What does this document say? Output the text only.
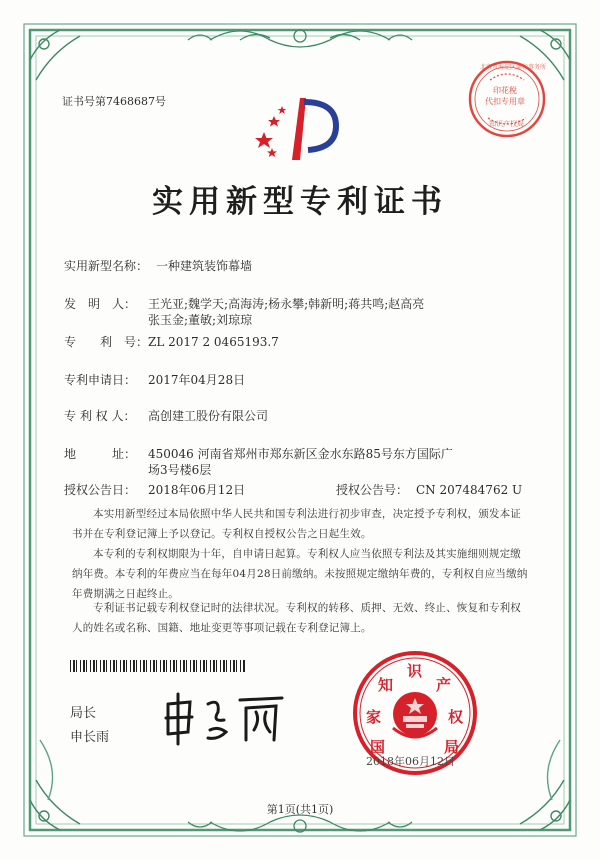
证书号第7468687号
实用新型专利证书
实用新型名称： 一种建筑装饰幕墙
发　明　人： 王光亚;魏学天;高海涛;杨永攀;韩新明;蒋共鸣;赵高亮
张玉金;董敏;刘琼琼
专　　利　号： ZL 2017 2 0465193.7
专利申请日： 2017年04月28日
专 利 权 人： 高创建工股份有限公司
地　　　址： 450046 河南省郑州市郑东新区金水东路85号东方国际广
场3号楼6层
授权公告日： 2018年06月12日	授权公告号： CN 207484762 U
本实用新型经过本局依照中华人民共和国专利法进行初步审查，决定授予专利权，颁发本证书并在专利登记簿上予以登记。专利权自授权公告之日起生效。
本专利的专利权期限为十年，自申请日起算。专利权人应当依照专利法及其实施细则规定缴纳年费。本专利的年费应当在每年04月28日前缴纳。未按照规定缴纳年费的，专利权自应当缴纳年费期满之日起终止。
专利证书记载专利权登记时的法律状况。专利权的转移、质押、无效、终止、恢复和专利权人的姓名或名称、国籍、地址变更等事项记载在专利登记簿上。
局长
申长雨
国 家 知 识 产 权 局
2018年06月12日
印花税
代扣专用章
北京市海淀区商标事务所
知识产权局
第1页(共1页)
